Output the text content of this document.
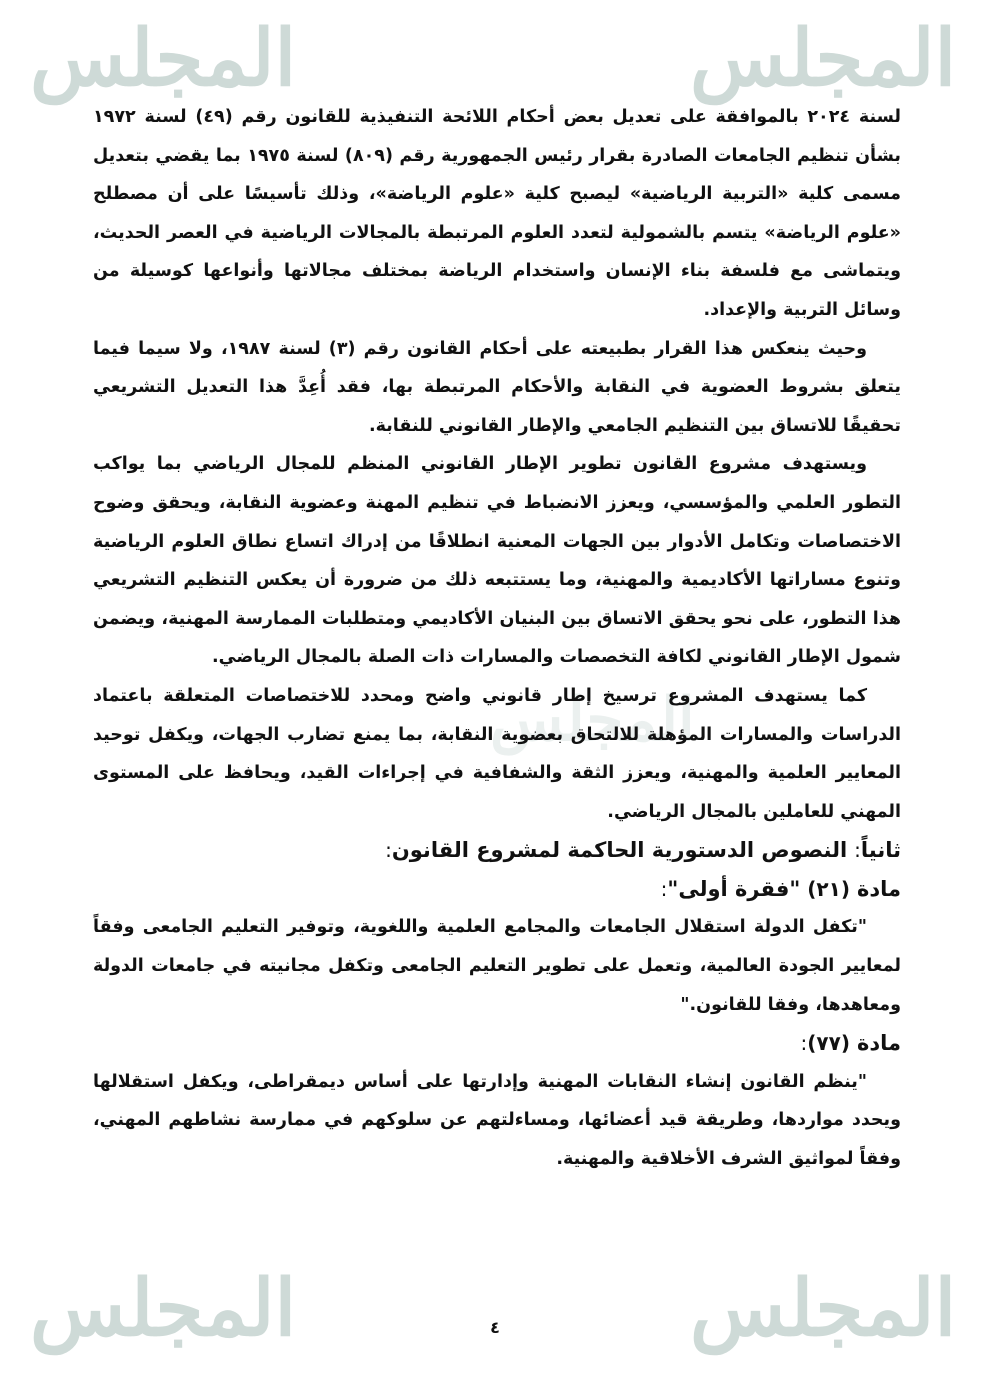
المجلس	المجلس
المجلس	المجلس
المجلس

لسنة ٢٠٢٤ بالموافقة على تعديل بعض أحكام اللائحة التنفيذية للقانون رقم (٤٩) لسنة ١٩٧٢ بشأن تنظيم الجامعات الصادرة بقرار رئيس الجمهورية رقم (٨٠٩) لسنة ١٩٧٥ بما يقضي بتعديل مسمى كلية «التربية الرياضية» ليصبح كلية «علوم الرياضة»، وذلك تأسيسًا على أن مصطلح «علوم الرياضة» يتسم بالشمولية لتعدد العلوم المرتبطة بالمجالات الرياضية في العصر الحديث، ويتماشى مع فلسفة بناء الإنسان واستخدام الرياضة بمختلف مجالاتها وأنواعها كوسيلة من وسائل التربية والإعداد.

وحيث ينعكس هذا القرار بطبيعته على أحكام القانون رقم (٣) لسنة ١٩٨٧، ولا سيما فيما يتعلق بشروط العضوية في النقابة والأحكام المرتبطة بها، فقد أُعِدَّ هذا التعديل التشريعي تحقيقًا للاتساق بين التنظيم الجامعي والإطار القانوني للنقابة.

ويستهدف مشروع القانون تطوير الإطار القانوني المنظم للمجال الرياضي بما يواكب التطور العلمي والمؤسسي، ويعزز الانضباط في تنظيم المهنة وعضوية النقابة، ويحقق وضوح الاختصاصات وتكامل الأدوار بين الجهات المعنية انطلاقًا من إدراك اتساع نطاق العلوم الرياضية وتنوع مساراتها الأكاديمية والمهنية، وما يستتبعه ذلك من ضرورة أن يعكس التنظيم التشريعي هذا التطور، على نحو يحقق الاتساق بين البنيان الأكاديمي ومتطلبات الممارسة المهنية، ويضمن شمول الإطار القانوني لكافة التخصصات والمسارات ذات الصلة بالمجال الرياضي.

كما يستهدف المشروع ترسيخ إطار قانوني واضح ومحدد للاختصاصات المتعلقة باعتماد الدراسات والمسارات المؤهلة للالتحاق بعضوية النقابة، بما يمنع تضارب الجهات، ويكفل توحيد المعايير العلمية والمهنية، ويعزز الثقة والشفافية في إجراءات القيد، ويحافظ على المستوى المهني للعاملين بالمجال الرياضي.

ثانياً: النصوص الدستورية الحاكمة لمشروع القانون:

مادة (٢١) "فقرة أولى":

"تكفل الدولة استقلال الجامعات والمجامع العلمية واللغوية، وتوفير التعليم الجامعى وفقاً لمعايير الجودة العالمية، وتعمل على تطوير التعليم الجامعى وتكفل مجانيته في جامعات الدولة ومعاهدها، وفقا للقانون."

مادة (٧٧):

"ينظم القانون إنشاء النقابات المهنية وإدارتها على أساس ديمقراطى، ويكفل استقلالها ويحدد مواردها، وطريقة قيد أعضائها، ومساءلتهم عن سلوكهم في ممارسة نشاطهم المهني، وفقاً لمواثيق الشرف الأخلاقية والمهنية.

٤
